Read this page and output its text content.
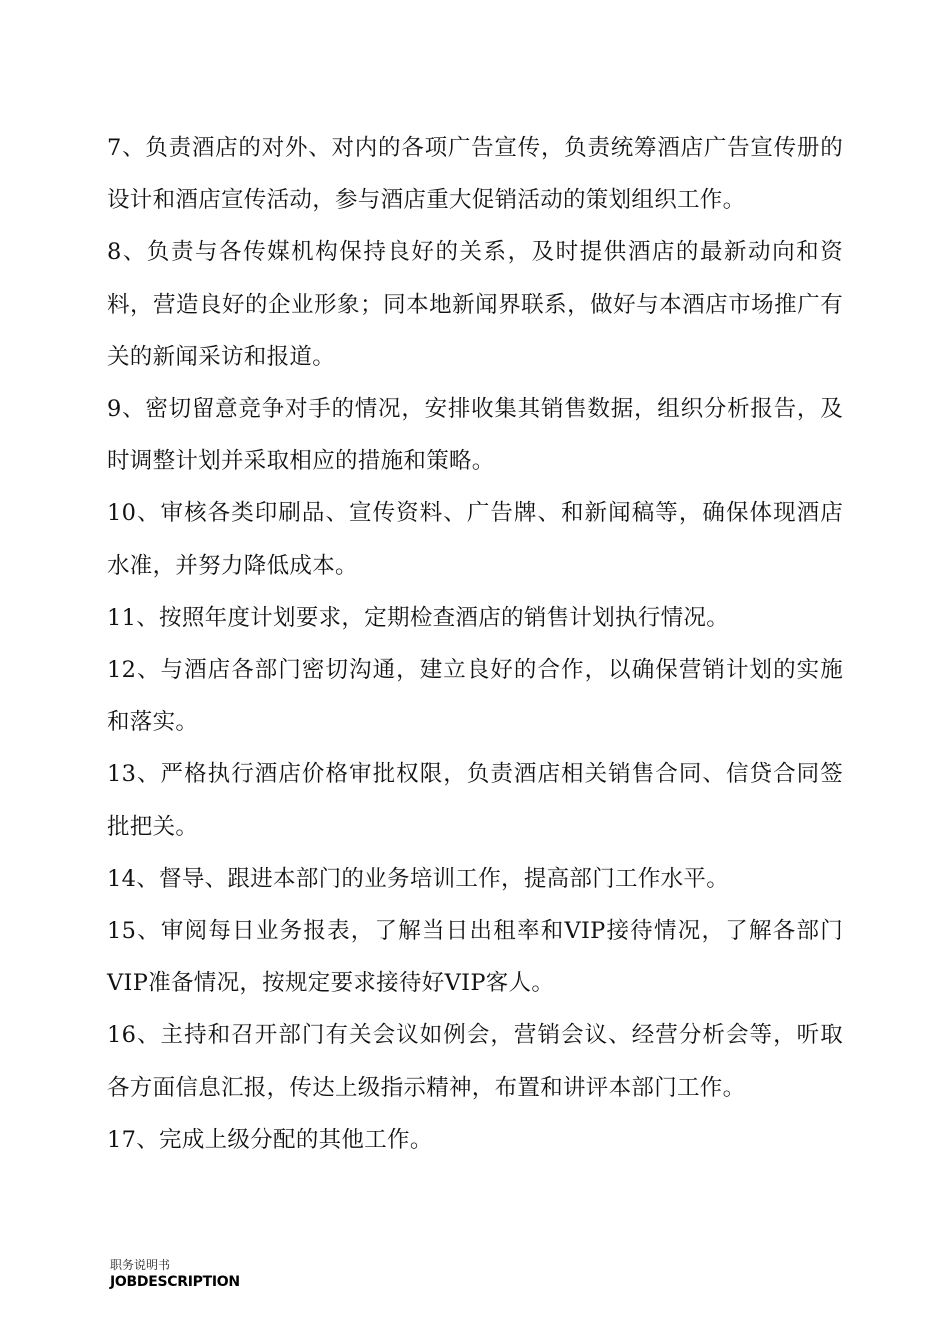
7、负责酒店的对外、对内的各项广告宣传，负责统筹酒店广告宣传册的设计和酒店宣传活动，参与酒店重大促销活动的策划组织工作。

8、负责与各传媒机构保持良好的关系，及时提供酒店的最新动向和资料，营造良好的企业形象；同本地新闻界联系，做好与本酒店市场推广有关的新闻采访和报道。

9、密切留意竞争对手的情况，安排收集其销售数据，组织分析报告，及时调整计划并采取相应的措施和策略。

10、审核各类印刷品、宣传资料、广告牌、和新闻稿等，确保体现酒店水准，并努力降低成本。

11、按照年度计划要求，定期检查酒店的销售计划执行情况。

12、与酒店各部门密切沟通，建立良好的合作，以确保营销计划的实施和落实。

13、严格执行酒店价格审批权限，负责酒店相关销售合同、信贷合同签批把关。

14、督导、跟进本部门的业务培训工作，提高部门工作水平。

15、审阅每日业务报表，了解当日出租率和VIP接待情况，了解各部门VIP准备情况，按规定要求接待好VIP客人。

16、主持和召开部门有关会议如例会，营销会议、经营分析会等，听取各方面信息汇报，传达上级指示精神，布置和讲评本部门工作。

17、完成上级分配的其他工作。

职务说明书
JOBDESCRIPTION
